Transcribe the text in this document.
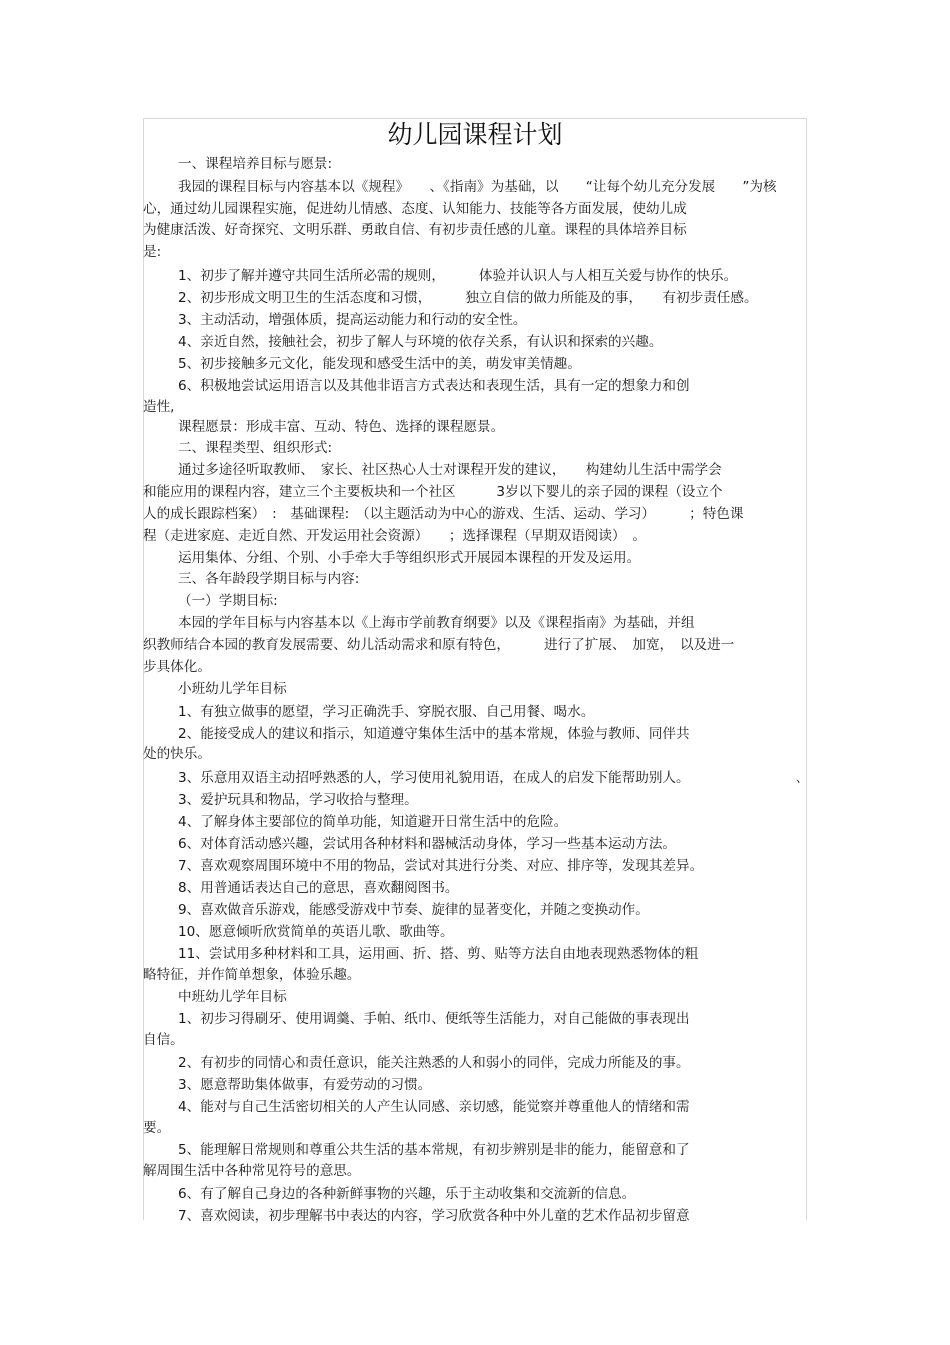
幼儿园课程计划
一、课程培养目标与愿景:
我园的课程目标与内容基本以《规程》　　、《指南》为基础，以　　“让每个幼儿充分发展　　”为核
心，通过幼儿园课程实施，促进幼儿情感、态度、认知能力、技能等各方面发展，使幼儿成
为健康活泼、好奇探究、文明乐群、勇敢自信、有初步责任感的儿童。课程的具体培养目标
是:
1、初步了解并遵守共同生活所必需的规则，　　　体验并认识人与人相互关爱与协作的快乐。
2、初步形成文明卫生的生活态度和习惯，　　　独立自信的做力所能及的事，　　有初步责任感。
3、主动活动，增强体质，提高运动能力和行动的安全性。
4、亲近自然，接触社会，初步了解人与环境的依存关系，有认识和探索的兴趣。
5、初步接触多元文化，能发现和感受生活中的美，萌发审美情趣。
6、积极地尝试运用语言以及其他非语言方式表达和表现生活，具有一定的想象力和创
造性,
课程愿景：形成丰富、互动、特色、选择的课程愿景。
二、课程类型、组织形式:
通过多途径听取教师、　家长、社区热心人士对课程开发的建议，　　构建幼儿生活中需学会
和能应用的课程内容，建立三个主要板块和一个社区　　　3岁以下婴儿的亲子园的课程（设立个
人的成长跟踪档案）　:　基础课程:　（以主题活动为中心的游戏、生活、运动、学习）　　　；特色课
程（走进家庭、走近自然、开发运用社会资源）　　；选择课程（早期双语阅读）　。
运用集体、分组、个别、小手牵大手等组织形式开展园本课程的开发及运用。
三、各年龄段学期目标与内容:
（一）学期目标:
本园的学年目标与内容基本以《上海市学前教育纲要》以及《课程指南》为基础，并组
织教师结合本园的教育发展需要、幼儿活动需求和原有特色，　　　进行了扩展、　加宽，　以及进一
步具体化。
小班幼儿学年目标
1、有独立做事的愿望，学习正确洗手、穿脱衣服、自己用餐、喝水。
2、能接受成人的建议和指示，知道遵守集体生活中的基本常规，体验与教师、同伴共
处的快乐。
3、乐意用双语主动招呼熟悉的人，学习使用礼貌用语，在成人的启发下能帮助别人。	、
3、爱护玩具和物品，学习收拾与整理。
4、了解身体主要部位的简单功能，知道避开日常生活中的危险。
6、对体育活动感兴趣，尝试用各种材料和器械活动身体，学习一些基本运动方法。
7、喜欢观察周围环境中不用的物品，尝试对其进行分类、对应、排序等，发现其差异。
8、用普通话表达自己的意思，喜欢翻阅图书。
9、喜欢做音乐游戏，能感受游戏中节奏、旋律的显著变化，并随之变换动作。
10、愿意倾听欣赏简单的英语儿歌、歌曲等。
11、尝试用多种材料和工具，运用画、折、搭、剪、贴等方法自由地表现熟悉物体的粗
略特征，并作简单想象，体验乐趣。
中班幼儿学年目标
1、初步习得刷牙、使用调羹、手帕、纸巾、便纸等生活能力，对自己能做的事表现出
自信。
2、有初步的同情心和责任意识，能关注熟悉的人和弱小的同伴，完成力所能及的事。
3、愿意帮助集体做事，有爱劳动的习惯。
4、能对与自己生活密切相关的人产生认同感、亲切感，能觉察并尊重他人的情绪和需
要。
5、能理解日常规则和尊重公共生活的基本常规，有初步辨别是非的能力，能留意和了
解周围生活中各种常见符号的意思。
6、有了解自己身边的各种新鲜事物的兴趣，乐于主动收集和交流新的信息。
7、喜欢阅读，初步理解书中表达的内容，学习欣赏各种中外儿童的艺术作品初步留意
